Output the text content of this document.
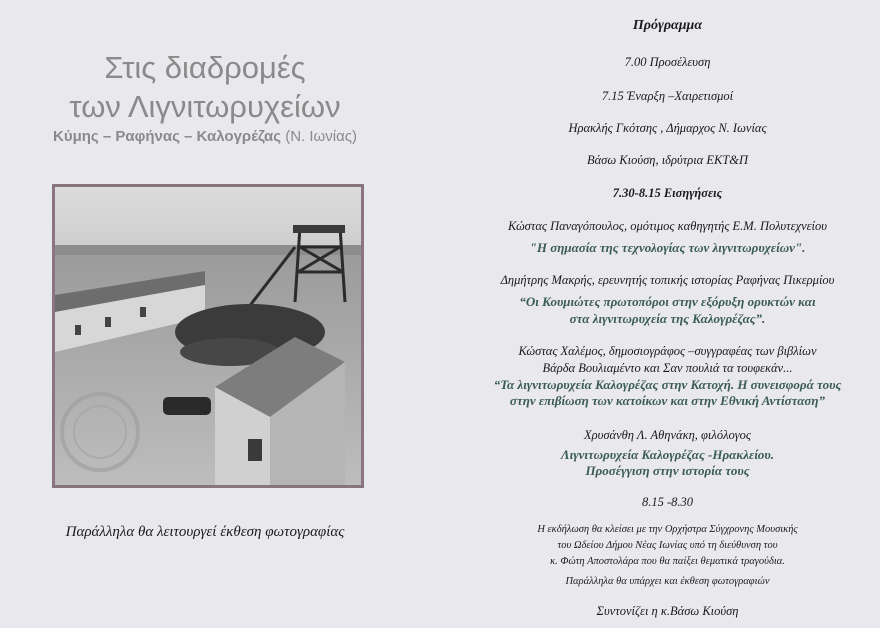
Στις διαδρομές
των Λιγνιτωρυχείων
Κύμης – Ραφήνας – Καλογρέζας (Ν. Ιωνίας)
Παράλληλα θα λειτουργεί έκθεση φωτογραφίας
Πρόγραμμα
7.00 Προσέλευση
7.15 Έναρξη –Χαιρετισμοί
Ηρακλής Γκότσης , Δήμαρχος Ν. Ιωνίας
Βάσω Κιούση, ιδρύτρια ΕΚΤ&Π
7.30-8.15 Εισηγήσεις
Κώστας Παναγόπουλος, ομότιμος καθηγητής Ε.Μ. Πολυτεχνείου
"Η σημασία της τεχνολογίας των λιγνιτωρυχείων".
Δημήτρης Μακρής, ερευνητής τοπικής ιστορίας Ραφήνας Πικερμίου
“Οι Κουμιώτες πρωτοπόροι στην εξόρυξη ορυκτών και
στα λιγνιτωρυχεία της Καλογρέζας”.
Κώστας Χαλέμος, δημοσιογράφος –συγγραφέας των βιβλίων
Βάρδα Βουλιαμέντο και Σαν πουλιά τα τουφεκάν...
“Τα λιγνιτωρυχεία Καλογρέζας στην Κατοχή. Η συνεισφορά τους
στην επιβίωση των κατοίκων και στην Εθνική Αντίσταση”
Χρυσάνθη Λ. Αθηνάκη, φιλόλογος
Λιγνιτωρυχεία Καλογρέζας -Ηρακλείου.
Προσέγγιση στην ιστορία τους
8.15 -8.30
Η εκδήλωση θα κλείσει με την Ορχήστρα Σύγχρονης Μουσικής
του Ωδείου Δήμου Νέας Ιωνίας υπό τη διεύθυνση του
κ. Φώτη Αποστολάρα που θα παίξει θεματικά τραγούδια.
Παράλληλα θα υπάρχει και έκθεση φωτογραφιών
Συντονίζει η κ.Βάσω Κιούση
